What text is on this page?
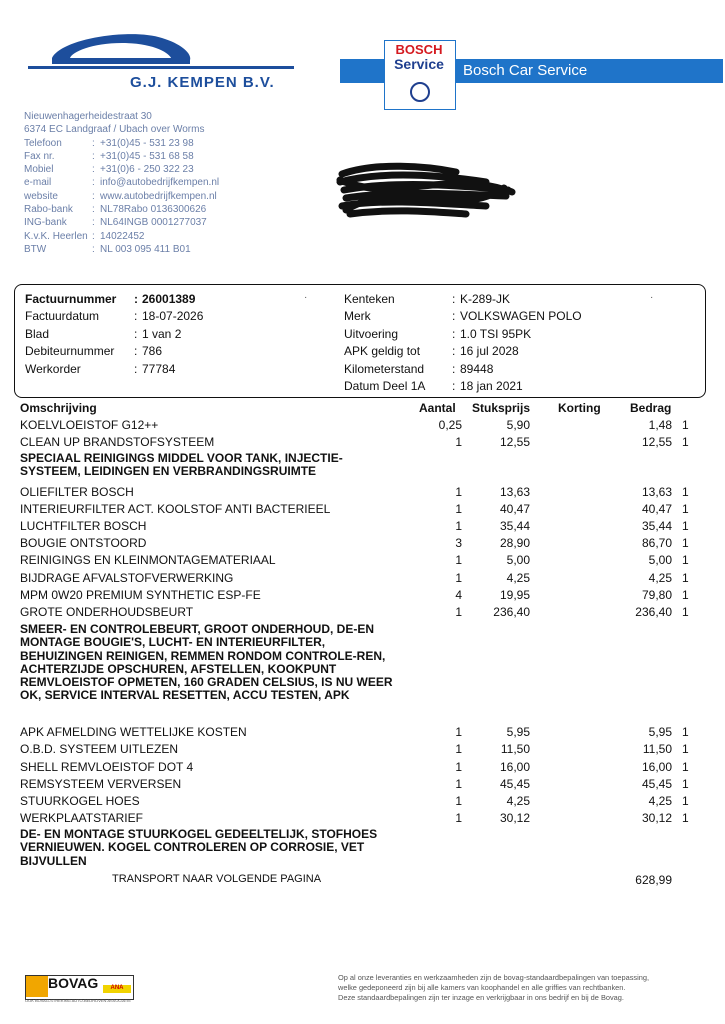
G.J. KEMPEN B.V.
Bosch Car Service
BOSCH
Service
Nieuwenhagerheidestraat 30
6374 EC Landgraaf / Ubach over Worms
Telefoon	: +31(0)45 - 531 23 98
Fax nr.	: +31(0)45 - 531 68 58
Mobiel	: +31(0)6 - 250 322 23
e-mail	: info@autobedrijfkempen.nl
website	: www.autobedrijfkempen.nl
Rabo-bank	: NL78Rabo 0136300626
ING-bank	: NL64INGB 0001277037
K.v.K. Heerlen : 14022452
BTW	: NL 003 095 411 B01
Factuurnummer : 26001389
Factuurdatum	: 18-07-2026
Blad	: 1 van 2
Debiteurnummer : 786
Werkorder	: 77784
Kenteken	: K-289-JK
Merk	: VOLKSWAGEN POLO
Uitvoering	: 1.0 TSI 95PK
APK geldig tot	: 16 jul 2028
Kilometerstand : 89448
Datum Deel 1A : 18 jan 2021
·	·
Omschrijving	Aantal Stuksprijs Korting Bedrag
KOELVLOEISTOF G12++	0,25	5,90	1,48 1
CLEAN UP BRANDSTOFSYSTEEM	1	12,55	12,55 1
SPECIAAL REINIGINGS MIDDEL VOOR TANK, INJECTIE-SYSTEEM, LEIDINGEN EN VERBRANDINGSRUIMTE
OLIEFILTER BOSCH	1	13,63	13,63 1
INTERIEURFILTER ACT. KOOLSTOF ANTI BACTERIEEL	1	40,47	40,47 1
LUCHTFILTER BOSCH	1	35,44	35,44 1
BOUGIE ONTSTOORD	3	28,90	86,70 1
REINIGINGS EN KLEINMONTAGEMATERIAAL	1	5,00	5,00 1
BIJDRAGE AFVALSTOFVERWERKING	1	4,25	4,25 1
MPM 0W20 PREMIUM SYNTHETIC ESP-FE	4	19,95	79,80 1
GROTE ONDERHOUDSBEURT	1	236,40	236,40 1
SMEER- EN CONTROLEBEURT, GROOT ONDERHOUD, DE-EN MONTAGE BOUGIE'S, LUCHT- EN INTERIEURFILTER, BEHUIZINGEN REINIGEN, REMMEN RONDOM CONTROLE-REN, ACHTERZIJDE OPSCHUREN, AFSTELLEN, KOOKPUNT REMVLOEISTOF OPMETEN, 160 GRADEN CELSIUS, IS NU WEER OK, SERVICE INTERVAL RESETTEN, ACCU TESTEN, APK
APK AFMELDING WETTELIJKE KOSTEN	1	5,95	5,95 1
O.B.D. SYSTEEM UITLEZEN	1	11,50	11,50 1
SHELL REMVLOEISTOF DOT 4	1	16,00	16,00 1
REMSYSTEEM VERVERSEN	1	45,45	45,45 1
STUURKOGEL HOES	1	4,25	4,25 1
WERKPLAATSTARIEF	1	30,12	30,12 1
DE- EN MONTAGE STUURKOGEL GEDEELTELIJK, STOFHOES VERNIEUWEN. KOGEL CONTROLEREN OP CORROSIE, VET BIJVULLEN
TRANSPORT NAAR VOLGENDE PAGINA	628,99
BOVAG	ANA
OOK BOVAG-STREKING AUTO-BEDRIJVEN ASSOCIATIE
Op al onze leveranties en werkzaamheden zijn de bovag-standaardbepalingen van toepassing,
welke gedeponeerd zijn bij alle kamers van koophandel en alle griffies van rechtbanken.
Deze standaardbepalingen zijn ter inzage en verkrijgbaar in ons bedrijf en bij de Bovag.
